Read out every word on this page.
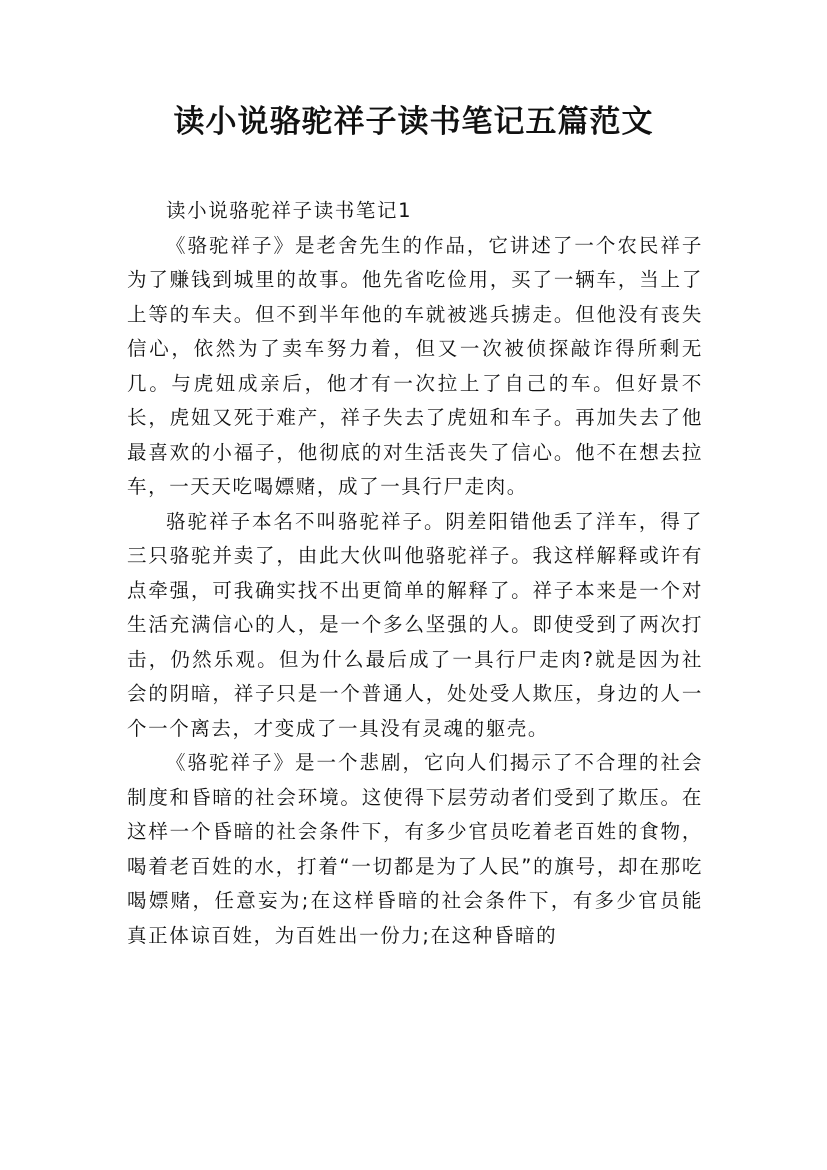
读小说骆驼祥子读书笔记五篇范文

读小说骆驼祥子读书笔记1

《骆驼祥子》是老舍先生的作品，它讲述了一个农民祥子为了赚钱到城里的故事。他先省吃俭用，买了一辆车，当上了上等的车夫。但不到半年他的车就被逃兵掳走。但他没有丧失信心，依然为了卖车努力着，但又一次被侦探敲诈得所剩无几。与虎妞成亲后，他才有一次拉上了自己的车。但好景不长，虎妞又死于难产，祥子失去了虎妞和车子。再加失去了他最喜欢的小福子，他彻底的对生活丧失了信心。他不在想去拉车，一天天吃喝嫖赌，成了一具行尸走肉。

骆驼祥子本名不叫骆驼祥子。阴差阳错他丢了洋车，得了三只骆驼并卖了，由此大伙叫他骆驼祥子。我这样解释或许有点牵强，可我确实找不出更简单的解释了。祥子本来是一个对生活充满信心的人，是一个多么坚强的人。即使受到了两次打击，仍然乐观。但为什么最后成了一具行尸走肉?就是因为社会的阴暗，祥子只是一个普通人，处处受人欺压，身边的人一个一个离去，才变成了一具没有灵魂的躯壳。

《骆驼祥子》是一个悲剧，它向人们揭示了不合理的社会制度和昏暗的社会环境。这使得下层劳动者们受到了欺压。在这样一个昏暗的社会条件下，有多少官员吃着老百姓的食物，喝着老百姓的水，打着“一切都是为了人民”的旗号，却在那吃喝嫖赌，任意妄为;在这样昏暗的社会条件下，有多少官员能真正体谅百姓，为百姓出一份力;在这种昏暗的
